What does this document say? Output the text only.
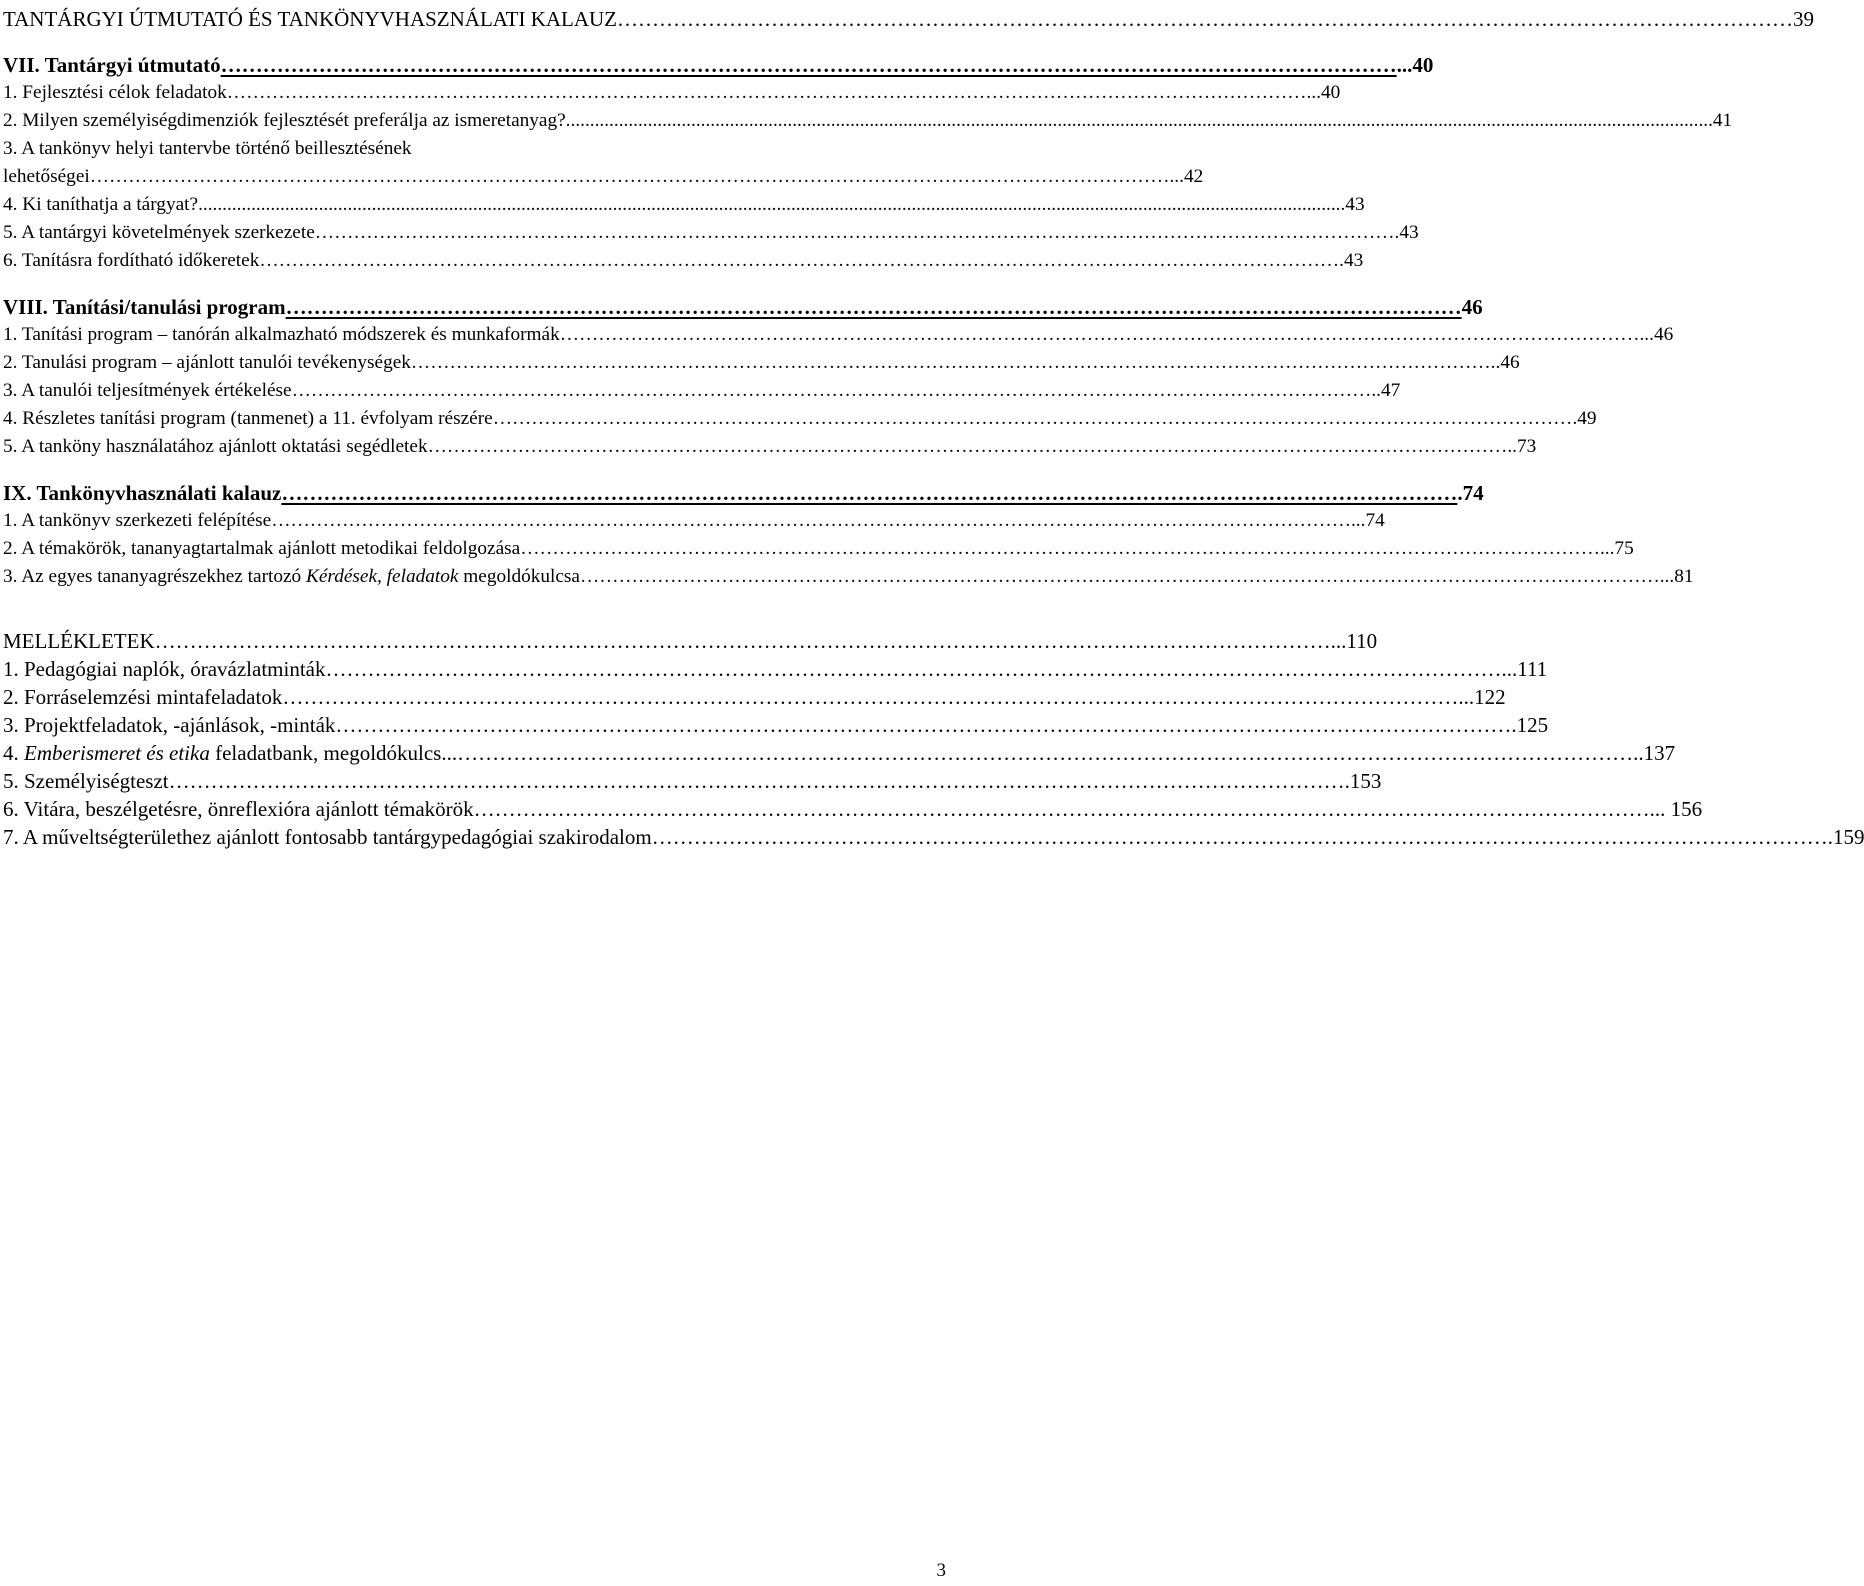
TANTÁRGYI ÚTMUTATÓ ÉS TANKÖNYVHASZNÁLATI KALAUZ ……………………………………………………………………………………………………………………………………………………	39
VII. Tantárgyi útmutató ……………………………………………………………………………………………………………………………………………………	...40
1. Fejlesztési célok feladatok ……………………………………………………………………………………………………………………………………………………	...40
2. Milyen személyiségdimenziók fejlesztését preferálja az ismeretanyag? .....	...41
3. A tankönyv helyi tantervbe történő beillesztésének
lehetőségei ……………………………………………………………………………………………………………………………………………………	...42
4. Ki taníthatja a tárgyat? .....	...43
5. A tantárgyi követelmények szerkezete ……………………………………………………………………………………………………………………………………………………	.43
6. Tanításra fordítható időkeretek ……………………………………………………………………………………………………………………………………………………	.43
VIII. Tanítási/tanulási program ……………………………………………………………………………………………………………………………………………………	46
1. Tanítási program – tanórán alkalmazható módszerek és munkaformák ……………………………………………………………………………………………………………………………………………………	...46
2. Tanulási program – ajánlott tanulói tevékenységek ……………………………………………………………………………………………………………………………………………………	..46
3. A tanulói teljesítmények értékelése ……………………………………………………………………………………………………………………………………………………	..47
4. Részletes tanítási program (tanmenet) a 11. évfolyam részére ……………………………………………………………………………………………………………………………………………………	.49
5. A tanköny használatához ajánlott oktatási segédletek ……………………………………………………………………………………………………………………………………………………	..73
IX. Tankönyvhasználati kalauz ……………………………………………………………………………………………………………………………………………………	.74
1. A tankönyv szerkezeti felépítése ……………………………………………………………………………………………………………………………………………………	...74
2. A témakörök, tananyagtartalmak ajánlott metodikai feldolgozása ……………………………………………………………………………………………………………………………………………………	...75
3. Az egyes tananyagrészekhez tartozó Kérdések, feladatok megoldókulcsa ……………………………………………………………………………………………………………………………………………………	...81
MELLÉKLETEK ……………………………………………………………………………………………………………………………………………………	...110
1. Pedagógiai naplók, óravázlatminták ……………………………………………………………………………………………………………………………………………………	...111
2. Forráselemzési mintafeladatok ……………………………………………………………………………………………………………………………………………………	...122
3. Projektfeladatok, -ajánlások, -minták ……………………………………………………………………………………………………………………………………………………	.125
4. Emberismeret és etika feladatbank, megoldókulcs... ……………………………………………………………………………………………………………………………………………………	..137
5. Személyiségteszt ……………………………………………………………………………………………………………………………………………………	.153
6. Vitára, beszélgetésre, önreflexióra ajánlott témakörök ……………………………………………………………………………………………………………………………………………………	... 156
7. A műveltségterülethez ajánlott fontosabb tantárgypedagógiai szakirodalom ……………………………………………………………………………………………………………………………………………………	.159
3
